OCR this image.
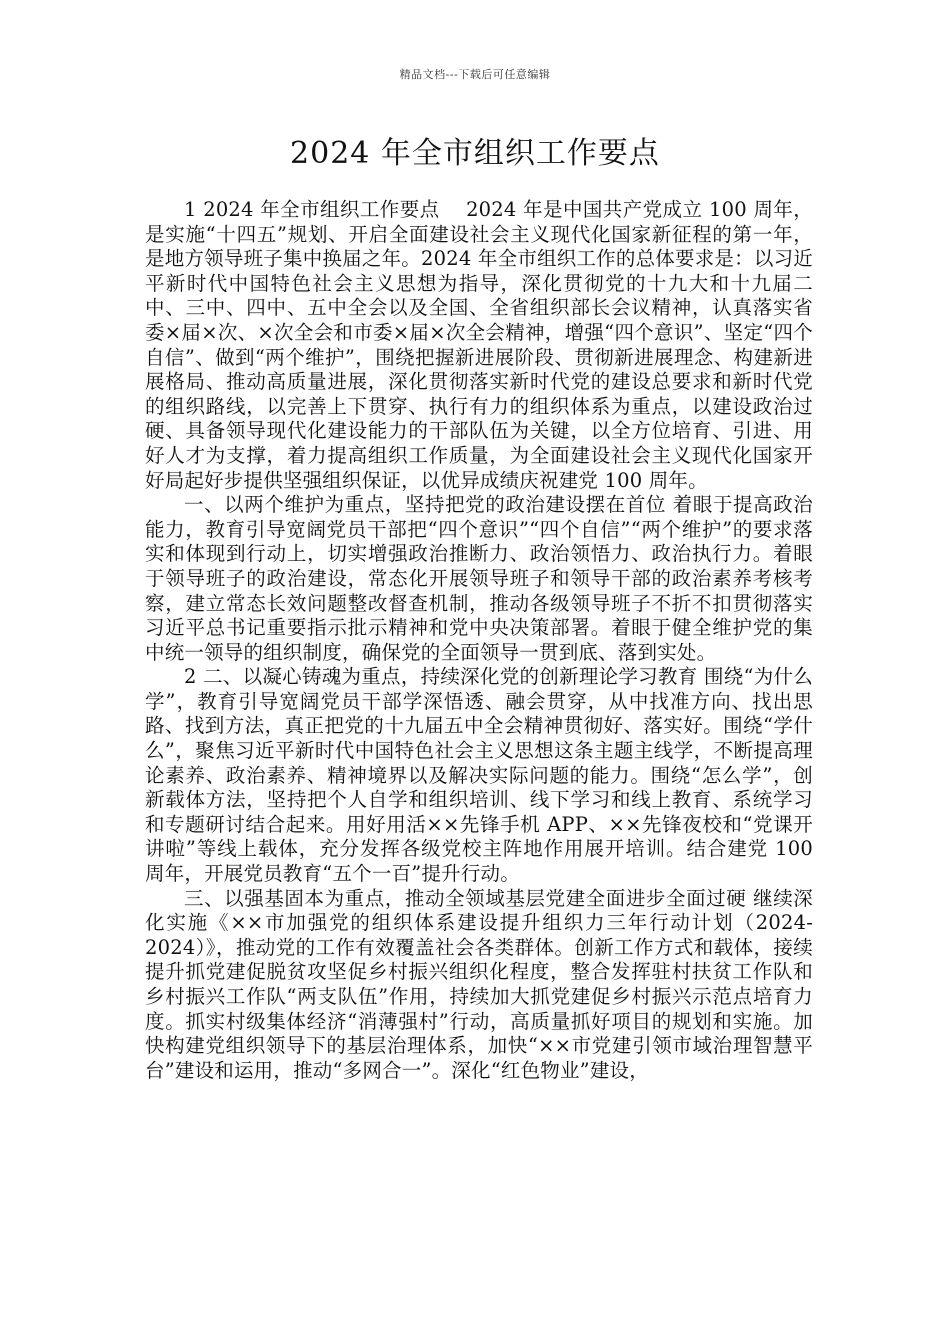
精品文档---下载后可任意编辑
2024 年全市组织工作要点

1 2024 年全市组织工作要点　 2024 年是中国共产党成立 100 周年，是实施“十四五”规划、开启全面建设社会主义现代化国家新征程的第一年，是地方领导班子集中换届之年。2024 年全市组织工作的总体要求是：以习近平新时代中国特色社会主义思想为指导，深化贯彻党的十九大和十九届二中、三中、四中、五中全会以及全国、全省组织部长会议精神，认真落实省委×届×次、×次全会和市委×届×次全会精神，增强“四个意识”、坚定“四个自信”、做到“两个维护”，围绕把握新进展阶段、贯彻新进展理念、构建新进展格局、推动高质量进展，深化贯彻落实新时代党的建设总要求和新时代党的组织路线，以完善上下贯穿、执行有力的组织体系为重点，以建设政治过硬、具备领导现代化建设能力的干部队伍为关键，以全方位培育、引进、用好人才为支撑，着力提高组织工作质量，为全面建设社会主义现代化国家开好局起好步提供坚强组织保证，以优异成绩庆祝建党 100 周年。

一、以两个维护为重点，坚持把党的政治建设摆在首位 着眼于提高政治能力，教育引导宽阔党员干部把“四个意识”“四个自信”“两个维护”的要求落实和体现到行动上，切实增强政治推断力、政治领悟力、政治执行力。着眼于领导班子的政治建设，常态化开展领导班子和领导干部的政治素养考核考察，建立常态长效问题整改督查机制，推动各级领导班子不折不扣贯彻落实习近平总书记重要指示批示精神和党中央决策部署。着眼于健全维护党的集中统一领导的组织制度，确保党的全面领导一贯到底、落到实处。

2 二、以凝心铸魂为重点，持续深化党的创新理论学习教育 围绕“为什么学”，教育引导宽阔党员干部学深悟透、融会贯穿，从中找准方向、找出思路、找到方法，真正把党的十九届五中全会精神贯彻好、落实好。围绕“学什么”，聚焦习近平新时代中国特色社会主义思想这条主题主线学，不断提高理论素养、政治素养、精神境界以及解决实际问题的能力。围绕“怎么学”，创新载体方法，坚持把个人自学和组织培训、线下学习和线上教育、系统学习和专题研讨结合起来。用好用活××先锋手机 APP、××先锋夜校和“党课开讲啦”等线上载体，充分发挥各级党校主阵地作用展开培训。结合建党 100 周年，开展党员教育“五个一百”提升行动。

三、以强基固本为重点，推动全领域基层党建全面进步全面过硬 继续深化实施《××市加强党的组织体系建设提升组织力三年行动计划（2024-2024）》，推动党的工作有效覆盖社会各类群体。创新工作方式和载体，接续提升抓党建促脱贫攻坚促乡村振兴组织化程度，整合发挥驻村扶贫工作队和乡村振兴工作队“两支队伍”作用，持续加大抓党建促乡村振兴示范点培育力度。抓实村级集体经济“消薄强村”行动，高质量抓好项目的规划和实施。加快构建党组织领导下的基层治理体系，加快“××市党建引领市域治理智慧平台”建设和运用，推动“多网合一”。深化“红色物业”建设，
